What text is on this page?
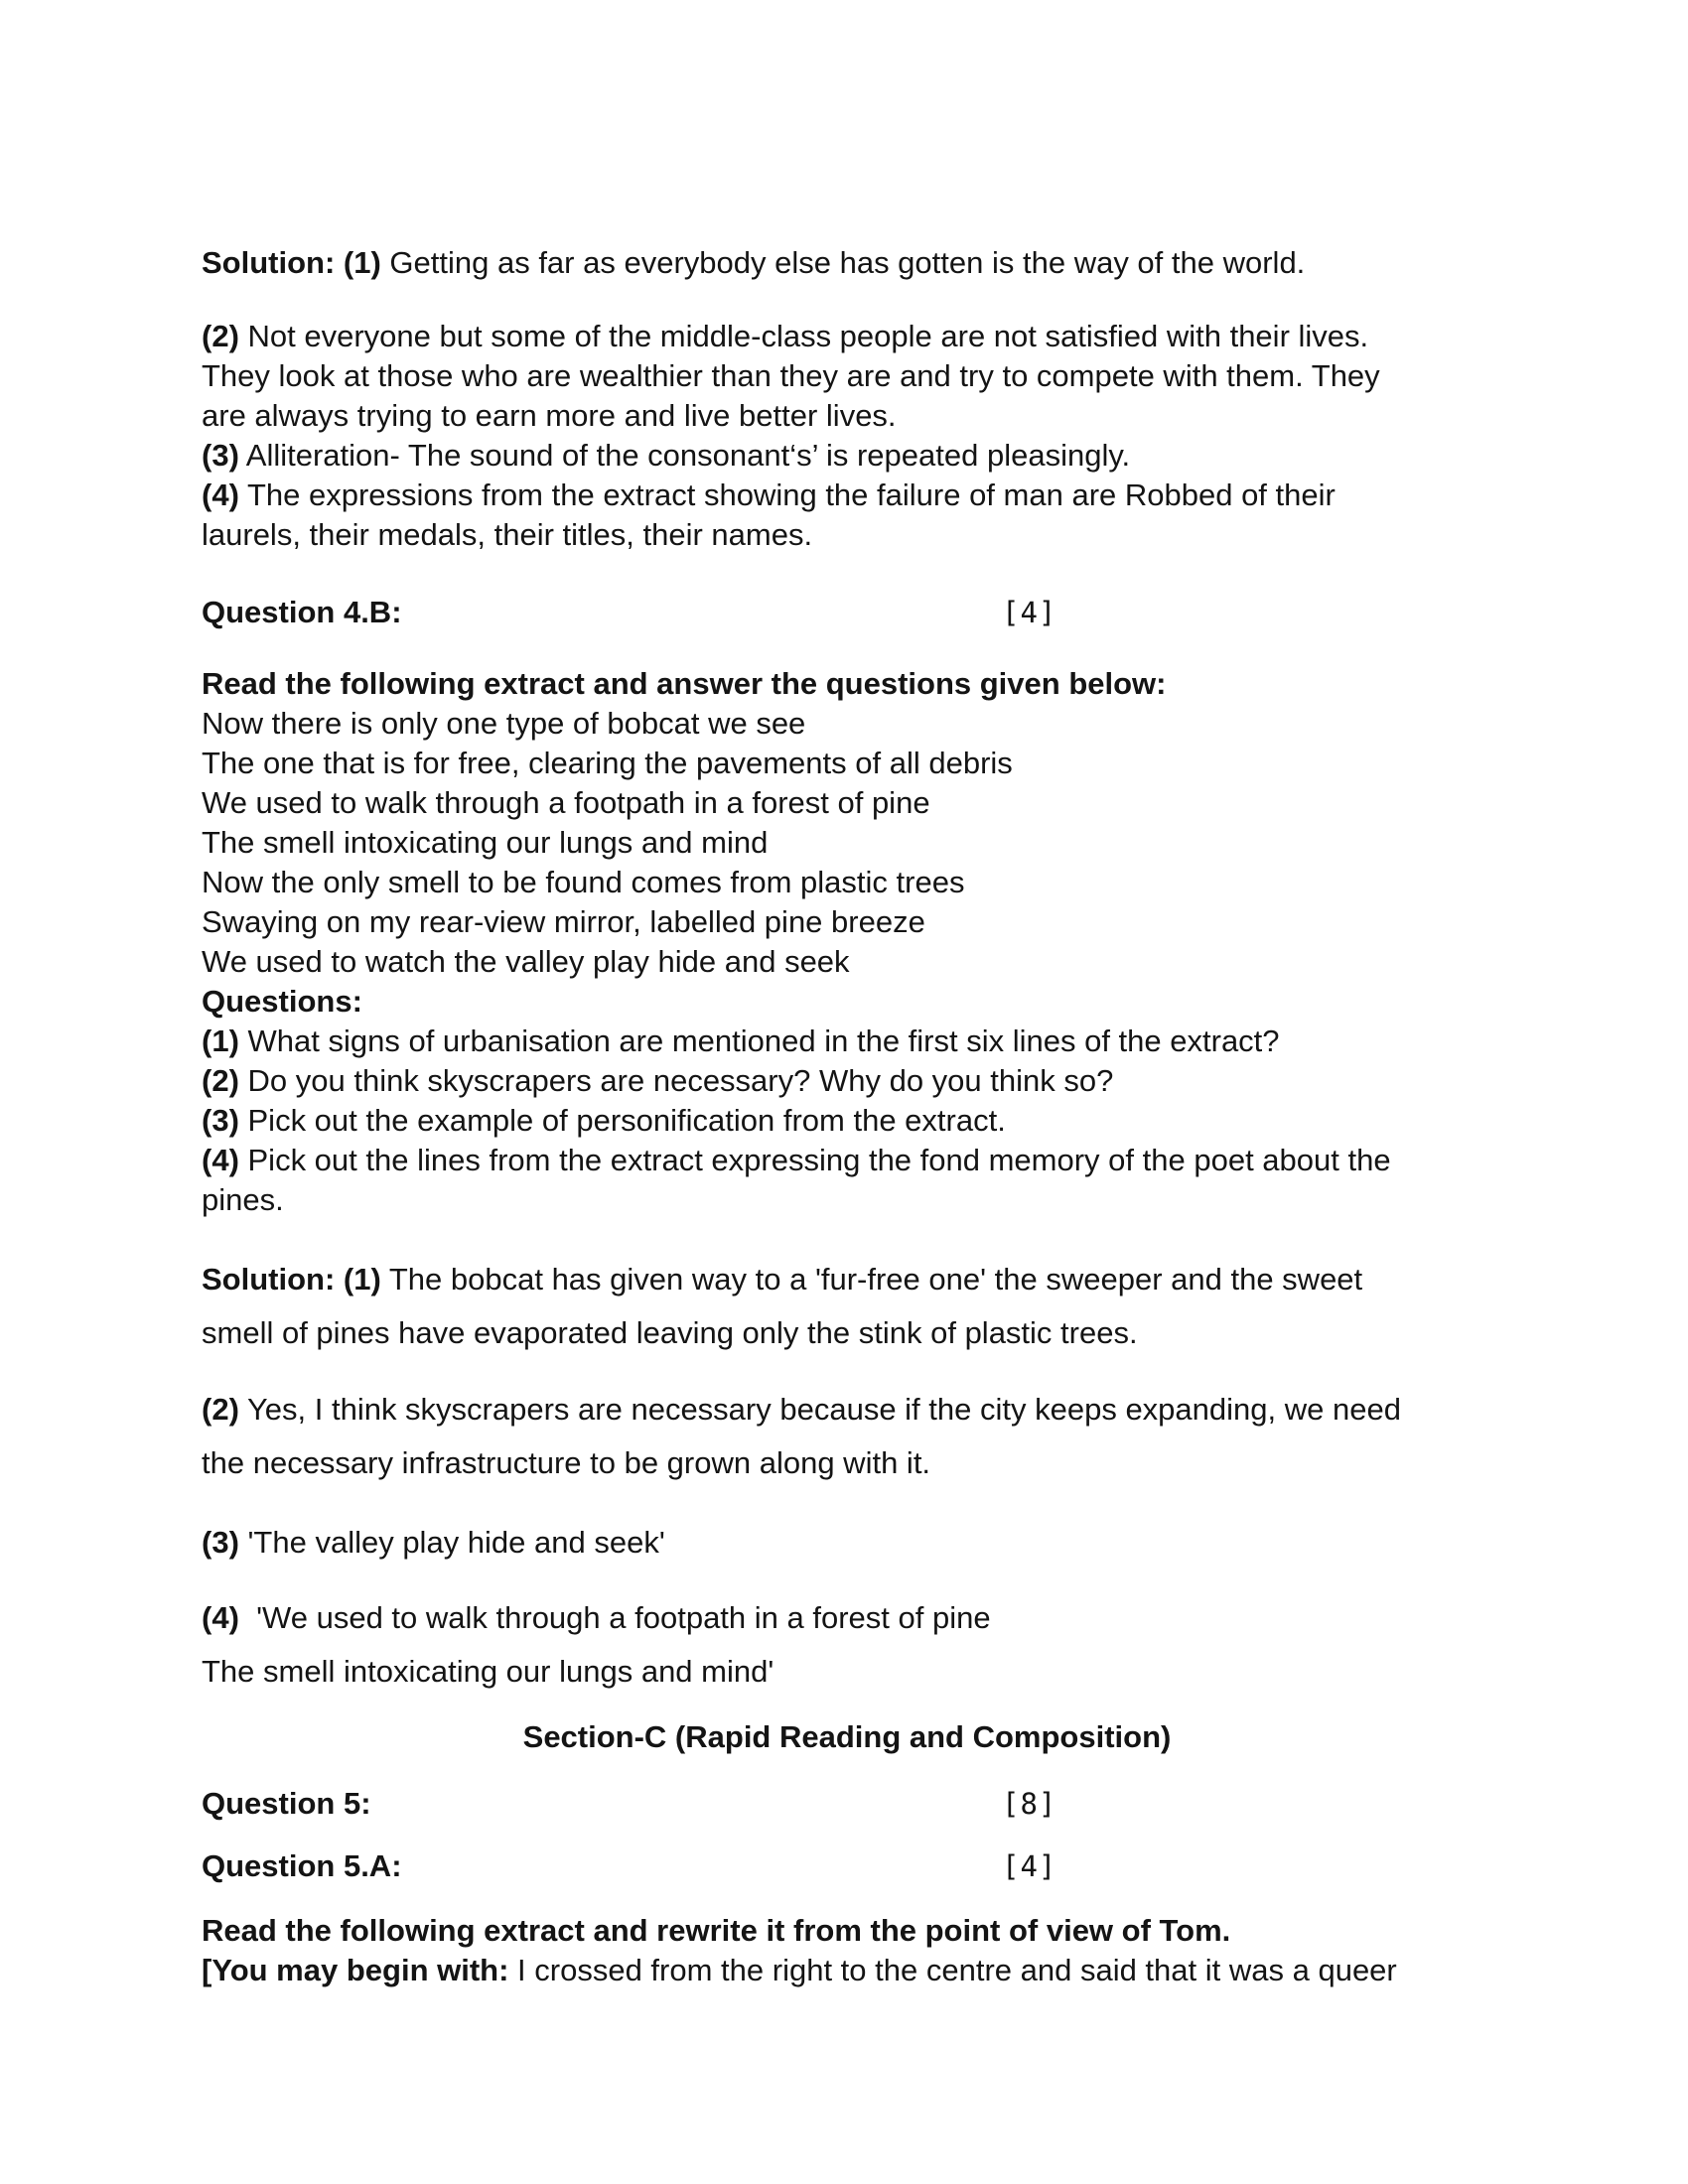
Solution: (1) Getting as far as everybody else has gotten is the way of the world.
(2) Not everyone but some of the middle-class people are not satisfied with their lives.
They look at those who are wealthier than they are and try to compete with them. They
are always trying to earn more and live better lives.
(3) Alliteration- The sound of the consonant‘s’ is repeated pleasingly.
(4) The expressions from the extract showing the failure of man are Robbed of their
laurels, their medals, their titles, their names.
Question 4.B:	[4]
Read the following extract and answer the questions given below:
Now there is only one type of bobcat we see
The one that is for free, clearing the pavements of all debris
We used to walk through a footpath in a forest of pine
The smell intoxicating our lungs and mind
Now the only smell to be found comes from plastic trees
Swaying on my rear-view mirror, labelled pine breeze
We used to watch the valley play hide and seek
Questions:
(1) What signs of urbanisation are mentioned in the first six lines of the extract?
(2) Do you think skyscrapers are necessary? Why do you think so?
(3) Pick out the example of personification from the extract.
(4) Pick out the lines from the extract expressing the fond memory of the poet about the
pines.
Solution: (1) The bobcat has given way to a 'fur-free one' the sweeper and the sweet
smell of pines have evaporated leaving only the stink of plastic trees.
(2) Yes, I think skyscrapers are necessary because if the city keeps expanding, we need
the necessary infrastructure to be grown along with it.
(3) 'The valley play hide and seek'
(4)  'We used to walk through a footpath in a forest of pine
The smell intoxicating our lungs and mind'
Section-C (Rapid Reading and Composition)
Question 5:	[8]
Question 5.A:	[4]
Read the following extract and rewrite it from the point of view of Tom.
[You may begin with: I crossed from the right to the centre and said that it was a queer
